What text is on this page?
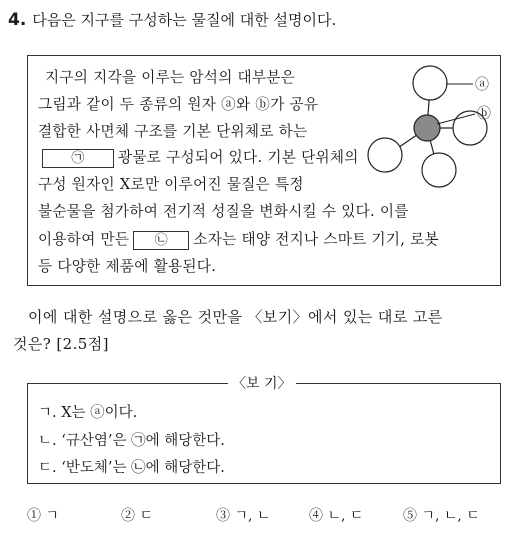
4. 다음은 지구를 구성하는 물질에 대한 설명이다.
지구의 지각을 이루는 암석의 대부분은
그림과 같이 두 종류의 원자 ⓐ와 ⓑ가 공유
결합한 사면체 구조를 기본 단위체로 하는
㉠ 광물로 구성되어 있다. 기본 단위체의
구성 원자인 X로만 이루어진 물질은 특정
불순물을 첨가하여 전기적 성질을 변화시킬 수 있다. 이를
이용하여 만든 ㉡ 소자는 태양 전지나 스마트 기기, 로봇
등 다양한 제품에 활용된다.
ⓐ
ⓑ
이에 대한 설명으로 옳은 것만을 〈보기〉에서 있는 대로 고른
것은? [2.5점]
〈보 기〉
ㄱ. X는 ⓐ이다.
ㄴ. ‘규산염’은 ㉠에 해당한다.
ㄷ. ‘반도체’는 ㉡에 해당한다.
① ㄱ	② ㄷ	③ ㄱ, ㄴ	④ ㄴ, ㄷ	⑤ ㄱ, ㄴ, ㄷ
